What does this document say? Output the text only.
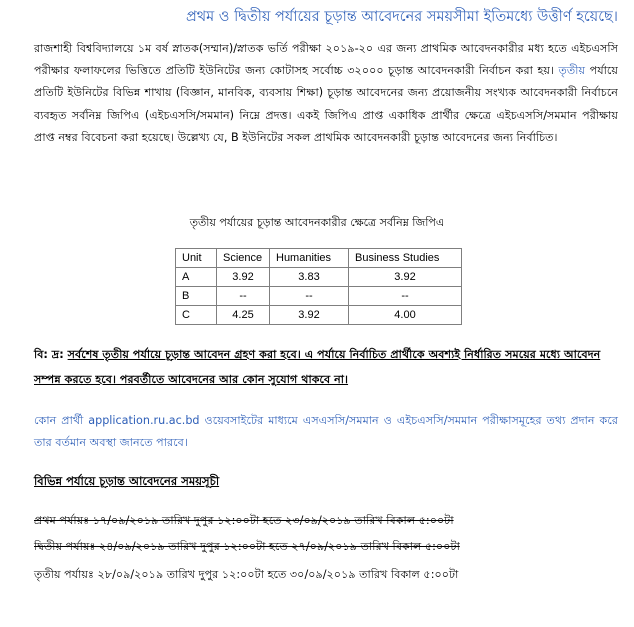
প্রথম ও দ্বিতীয় পর্যায়ের চূড়ান্ত আবেদনের সময়সীমা ইতিমধ্যে উত্তীর্ণ হয়েছে।
রাজশাহী বিশ্ববিদ্যালয়ে ১ম বর্ষ স্নাতক(সম্মান)/স্নাতক ভর্তি পরীক্ষা ২০১৯-২০ এর জন্য প্রাথমিক আবেদনকারীর মধ্য হতে এইচএসসি পরীক্ষার ফলাফলের ভিত্তিতে প্রতিটি ইউনিটের জন্য কোটাসহ সর্বোচ্চ ৩২০০০ চূড়ান্ত আবেদনকারী নির্বাচন করা হয়। তৃতীয় পর্যায়ে প্রতিটি ইউনিটের বিভিন্ন শাখায় (বিজ্ঞান, মানবিক, ব্যবসায় শিক্ষা) চূড়ান্ত আবেদনের জন্য প্রয়োজনীয় সংখ্যক আবেদনকারী নির্বাচনে ব্যবহৃত সর্বনিম্ন জিপিএ (এইচএসসি/সমমান) নিম্নে প্রদত্ত। একই জিপিএ প্রাপ্ত একাধিক প্রার্থীর ক্ষেত্রে এইচএসসি/সমমান পরীক্ষায় প্রাপ্ত নম্বর বিবেচনা করা হয়েছে। উল্লেখ্য যে, B ইউনিটের সকল প্রাথমিক আবেদনকারী চূড়ান্ত আবেদনের জন্য নির্বাচিত।
তৃতীয় পর্যায়ের চূড়ান্ত আবেদনকারীর ক্ষেত্রে সর্বনিম্ন জিপিএ
Unit	Science	Humanities	Business Studies
A	3.92	3.83	3.92
B	--	--	--
C	4.25	3.92	4.00
বি: দ্র: সর্বশেষ তৃতীয় পর্যায়ে চূড়ান্ত আবেদন গ্রহণ করা হবে। এ পর্যায়ে নির্বাচিত প্রার্থীকে অবশ্যই নির্ধারিত সময়ের মধ্যে আবেদন সম্পন্ন করতে হবে। পরবর্তীতে আবেদনের আর কোন সুযোগ থাকবে না।
কোন প্রার্থী application.ru.ac.bd ওয়েবসাইটের মাধ্যমে এসএসসি/সমমান ও এইচএসসি/সমমান পরীক্ষাসমূহের তথ্য প্রদান করে তার বর্তমান অবস্থা জানতে পারবে।
বিভিন্ন পর্যায়ে চূড়ান্ত আবেদনের সময়সূচী
প্রথম পর্যায়ঃ ১৭/০৯/২০১৯ তারিখ দুপুর ১২:০০টা হতে ২৩/০৯/২০১৯ তারিখ বিকাল ৫:০০টা
দ্বিতীয় পর্যায়ঃ ২৪/০৯/২০১৯ তারিখ দুপুর ১২:০০টা হতে ২৭/০৯/২০১৯ তারিখ বিকাল ৫:০০টা
তৃতীয় পর্যায়ঃ ২৮/০৯/২০১৯ তারিখ দুপুর ১২:০০টা হতে ৩০/০৯/২০১৯ তারিখ বিকাল ৫:০০টা
